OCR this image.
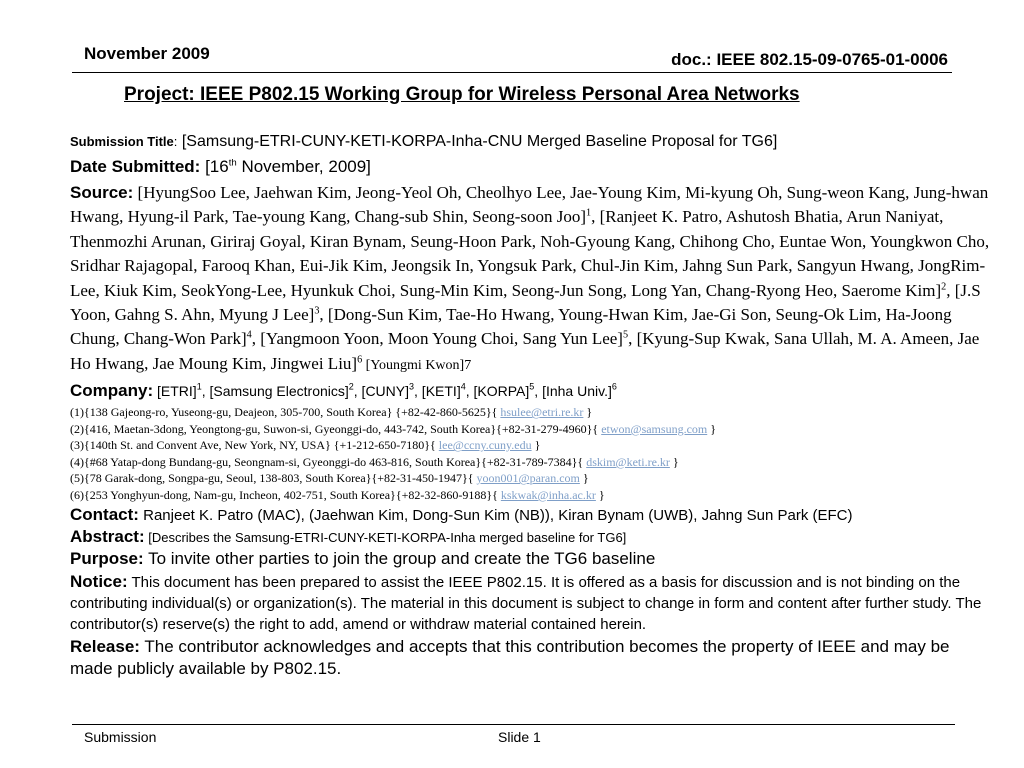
November 2009	doc.: IEEE 802.15-09-0765-01-0006
Project: IEEE P802.15 Working Group for Wireless Personal Area Networks
Submission Title: [Samsung-ETRI-CUNY-KETI-KORPA-Inha-CNU Merged Baseline Proposal for TG6]
Date Submitted: [16th November, 2009]
Source: [HyungSoo Lee, Jaehwan Kim, Jeong-Yeol Oh, Cheolhyo Lee, Jae-Young Kim, Mi-kyung Oh, Sung-weon Kang, Jung-hwan Hwang, Hyung-il Park, Tae-young Kang, Chang-sub Shin, Seong-soon Joo]$^1$, [Ranjeet K. Patro, Ashutosh Bhatia, Arun Naniyat, Thenmozhi Arunan, Giriraj Goyal, Kiran Bynam, Seung-Hoon Park, Noh-Gyoung Kang, Chihong Cho, Euntae Won, Youngkwon Cho, Sridhar Rajagopal, Farooq Khan, Eui-Jik Kim, Jeongsik In, Yongsuk Park, Chul-Jin Kim, Jahng Sun Park, Sangyun Hwang, JongRim- Lee, Kiuk Kim, SeokYong-Lee, Hyunkuk Choi, Sung-Min Kim, Seong-Jun Song, Long Yan, Chang-Ryong Heo, Saerome Kim]$^2$, [J.S Yoon, Gahng S. Ahn, Myung J Lee]$^3$, [Dong-Sun Kim, Tae-Ho Hwang, Young-Hwan Kim, Jae-Gi Son, Seung-Ok Lim, Ha-Joong Chung, Chang-Won Park]$^4$, [Yangmoon Yoon, Moon Young Choi, Sang Yun Lee]$^5$, [Kyung-Sup Kwak, Sana Ullah, M. A. Ameen, Jae Ho Hwang, Jae Moung Kim, Jingwei Liu]$^6$ [Youngmi Kwon]7
Company: [ETRI]$^1$, [Samsung Electronics]$^2$, [CUNY]$^3$, [KETI]$^4$, [KORPA]$^5$, [Inha Univ.]$^6$
(1){138 Gajeong-ro, Yuseong-gu, Deajeon, 305-700, South Korea} {+82-42-860-5625}{ hsulee@etri.re.kr }
(2){416, Maetan-3dong, Yeongtong-gu, Suwon-si, Gyeonggi-do, 443-742, South Korea}{+82-31-279-4960}{ etwon@samsung.com }
(3){140th St. and Convent Ave, New York, NY, USA} {+1-212-650-7180}{ lee@ccny.cuny.edu }
(4){#68 Yatap-dong Bundang-gu, Seongnam-si, Gyeonggi-do 463-816, South Korea}{+82-31-789-7384}{ dskim@keti.re.kr }
(5){78 Garak-dong, Songpa-gu, Seoul, 138-803, South Korea}{+82-31-450-1947}{ yoon001@paran.com }
(6){253 Yonghyun-dong, Nam-gu, Incheon, 402-751, South Korea}{+82-32-860-9188}{ kskwak@inha.ac.kr }
Contact: Ranjeet K. Patro (MAC), (Jaehwan Kim, Dong-Sun Kim (NB)), Kiran Bynam (UWB), Jahng Sun Park (EFC)
Abstract: [Describes the Samsung-ETRI-CUNY-KETI-KORPA-Inha merged baseline for TG6]
Purpose: To invite other parties to join the group and create the TG6 baseline
Notice: This document has been prepared to assist the IEEE P802.15. It is offered as a basis for discussion and is not binding on the contributing individual(s) or organization(s). The material in this document is subject to change in form and content after further study. The contributor(s) reserve(s) the right to add, amend or withdraw material contained herein.
Release: The contributor acknowledges and accepts that this contribution becomes the property of IEEE and may be made publicly available by P802.15.
Submission	Slide 1
